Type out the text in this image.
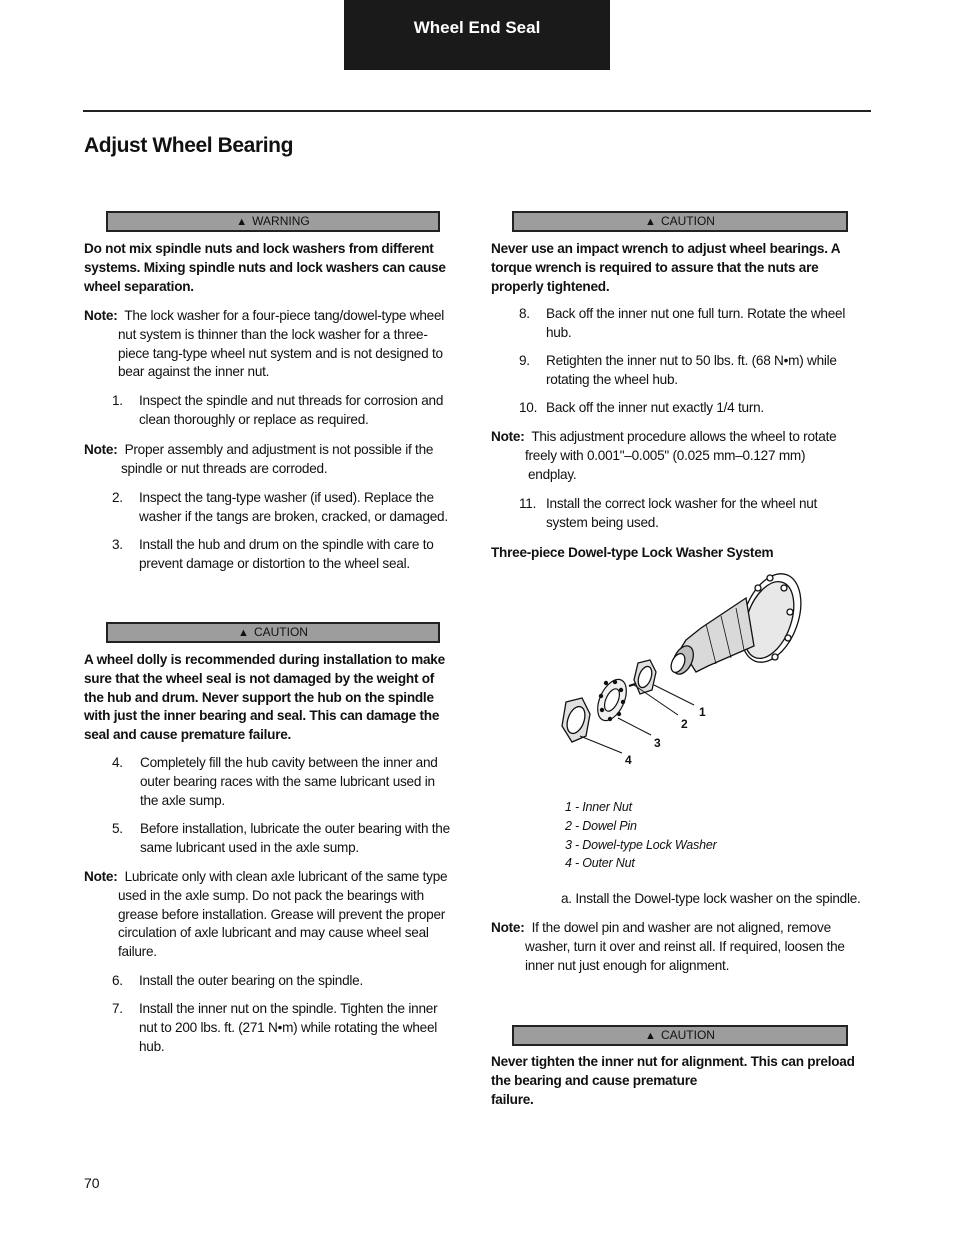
Wheel End Seal
Adjust Wheel Bearing
▲ WARNING
Do not mix spindle nuts and lock washers from different systems. Mixing spindle nuts and lock washers can cause wheel separation.
Note: The lock washer for a four-piece tang/dowel-type wheel
nut system is thinner than the lock washer for a three-piece tang-type wheel nut system and is not designed to bear against the inner nut.
1. Inspect the spindle and nut threads for corrosion and clean thoroughly or replace as required.
Note: Proper assembly and adjustment is not possible if the
spindle or nut threads are corroded.
2. Inspect the tang-type washer (if used). Replace the washer if the tangs are broken, cracked, or damaged.
3. Install the hub and drum on the spindle with care to prevent damage or distortion to the wheel seal.
▲ CAUTION
A wheel dolly is recommended during installation to make sure that the wheel seal is not damaged by the weight of the hub and drum. Never support the hub on the spindle with just the inner bearing and seal. This can damage the seal and cause premature failure.
4. Completely fill the hub cavity between the inner and outer bearing races with the same lubricant used in the axle sump.
5. Before installation, lubricate the outer bearing with the same lubricant used in the axle sump.
Note: Lubricate only with clean axle lubricant of the same type
used in the axle sump. Do not pack the bearings with grease before installation. Grease will prevent the proper circulation of axle lubricant and may cause wheel seal failure.
6. Install the outer bearing on the spindle.
7. Install the inner nut on the spindle. Tighten the inner nut to 200 lbs. ft. (271 N•m) while rotating the wheel hub.
▲ CAUTION
Never use an impact wrench to adjust wheel bearings. A torque wrench is required to assure that the nuts are properly tightened.
8. Back off the inner nut one full turn. Rotate the wheel hub.
9. Retighten the inner nut to 50 lbs. ft. (68 N•m) while rotating the wheel hub.
10. Back off the inner nut exactly 1/4 turn.
Note: This adjustment procedure allows the wheel to rotate
freely with 0.001"–0.005" (0.025 mm–0.127 mm)
endplay.
11. Install the correct lock washer for the wheel nut system being used.
Three-piece Dowel-type Lock Washer System
1
2
3
4
1 - Inner Nut
2 - Dowel Pin
3 - Dowel-type Lock Washer
4 - Outer Nut
a. Install the Dowel-type lock washer on the spindle.
Note: If the dowel pin and washer are not aligned, remove
washer, turn it over and reinst all. If required, loosen the inner nut just enough for alignment.
▲ CAUTION
Never tighten the inner nut for alignment. This can preload
the bearing and cause premature
failure.
70
